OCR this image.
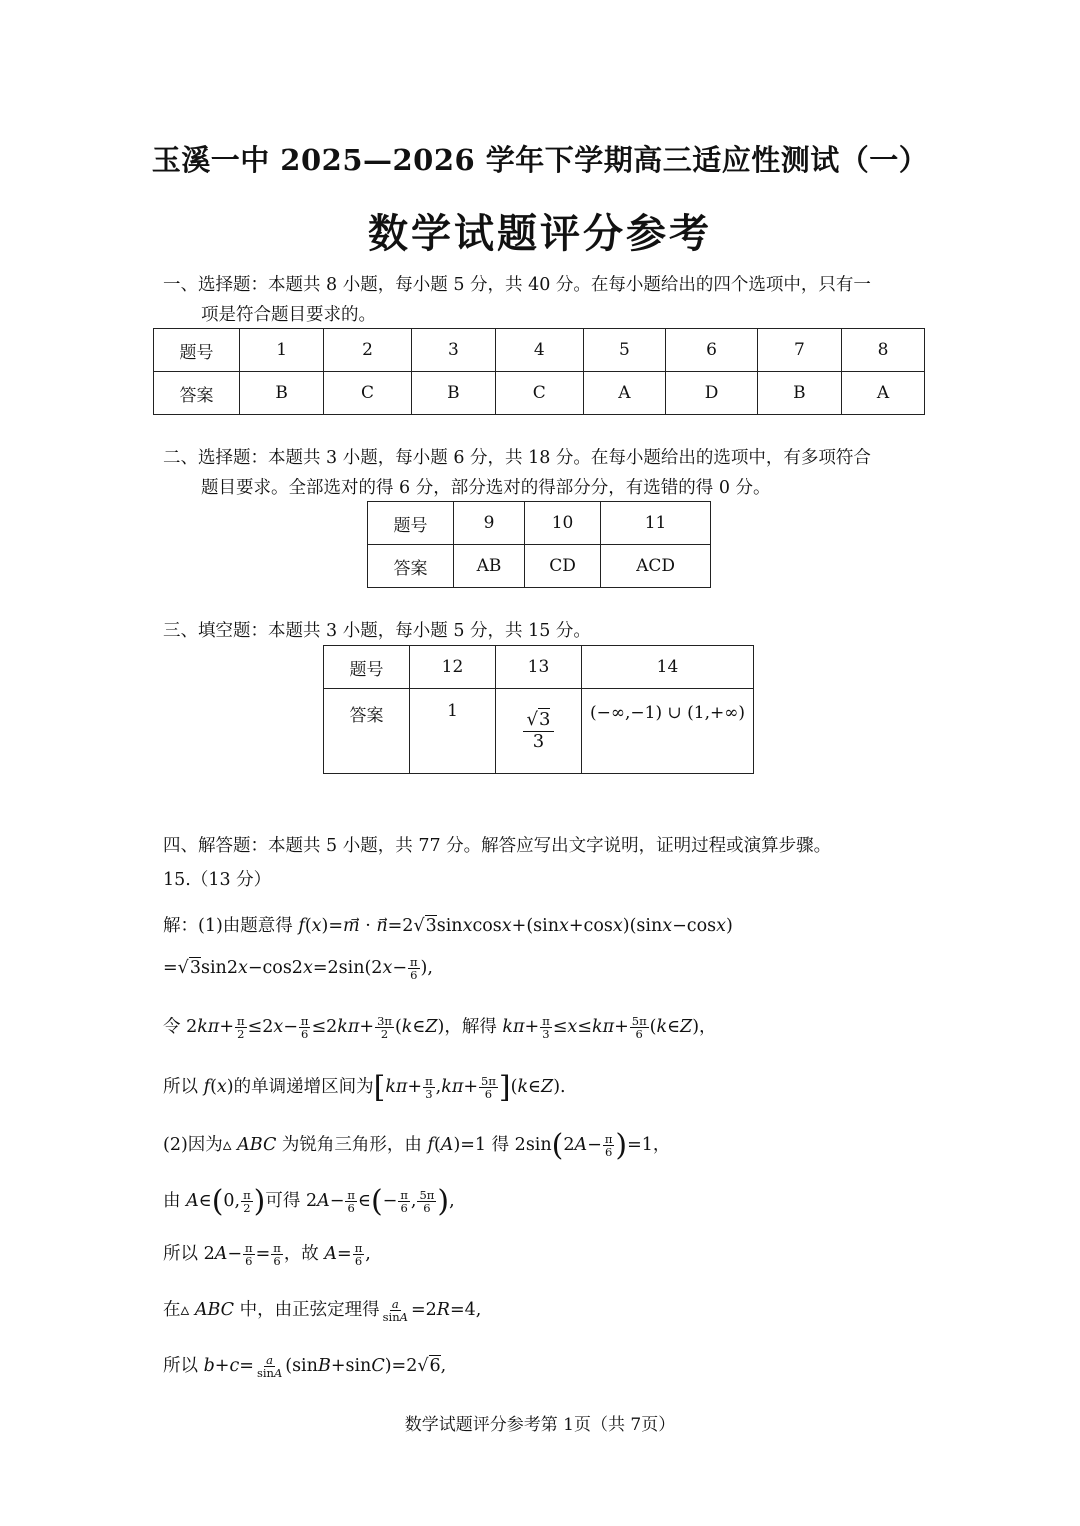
玉溪一中 2025—2026 学年下学期高三适应性测试（一）
数学试题评分参考
一、选择题：本题共 8 小题，每小题 5 分，共 40 分。在每小题给出的四个选项中，只有一
项是符合题目要求的。
题号	1	2	3	4	5	6	7	8
答案	B	C	B	C	A	D	B	A
二、选择题：本题共 3 小题，每小题 6 分，共 18 分。在每小题给出的选项中，有多项符合
题目要求。全部选对的得 6 分，部分选对的得部分分，有选错的得 0 分。
题号	9	10	11
答案	AB	CD	ACD
三、填空题：本题共 3 小题，每小题 5 分，共 15 分。
题号	12	13	14
答案	1	$\frac{√3}{3}$	(−∞,−1) ∪ (1,+∞)
四、解答题：本题共 5 小题，共 77 分。解答应写出文字说明，证明过程或演算步骤。
15.（13 分）
解：(1)由题意得 f(x)=m⃗ · n⃗=2√3sinxcosx+(sinx+cosx)(sinx−cosx)
$=√3\sin 2x-\cos 2x=2\sin(2x- \frac{\pi}{6}$ ),
令 $2k\pi+ \frac{\pi}{2} \le 2x- \frac{\pi}{6} \le 2k\pi+ \frac{3\pi}{2}$ (k∈Z)，解得 $k\pi+ \frac{\pi}{3} \le x\le k\pi+ \frac{5\pi}{6}$ (k∈Z)，
所以 f(x)的单调递增区间为[$k\pi+ \frac{\pi}{3} ,k\pi+ \frac{5\pi}{6}$ ](k∈Z).
(2)因为▵ ABC 为锐角三角形，由 f(A)=1 得 $2\sin(2A- \frac{\pi}{6} )=1$，
由 A∈(0, $\frac{\pi}{2}$ )可得 $2A- \frac{\pi}{6}$ ∈(− $\frac{\pi}{6}$ , $\frac{5\pi}{6}$ ),
所以 $2A- \frac{\pi}{6} = \frac{\pi}{6}$ ，故 $A= \frac{\pi}{6}$ ,
在▵ ABC 中，由正弦定理得 $\frac{a}{\sin A} =2R=4$,
所以 $b+c= \frac{a}{\sin A} (\sin B+\sin C)=2√6$,
数学试题评分参考第 1页（共 7页）
